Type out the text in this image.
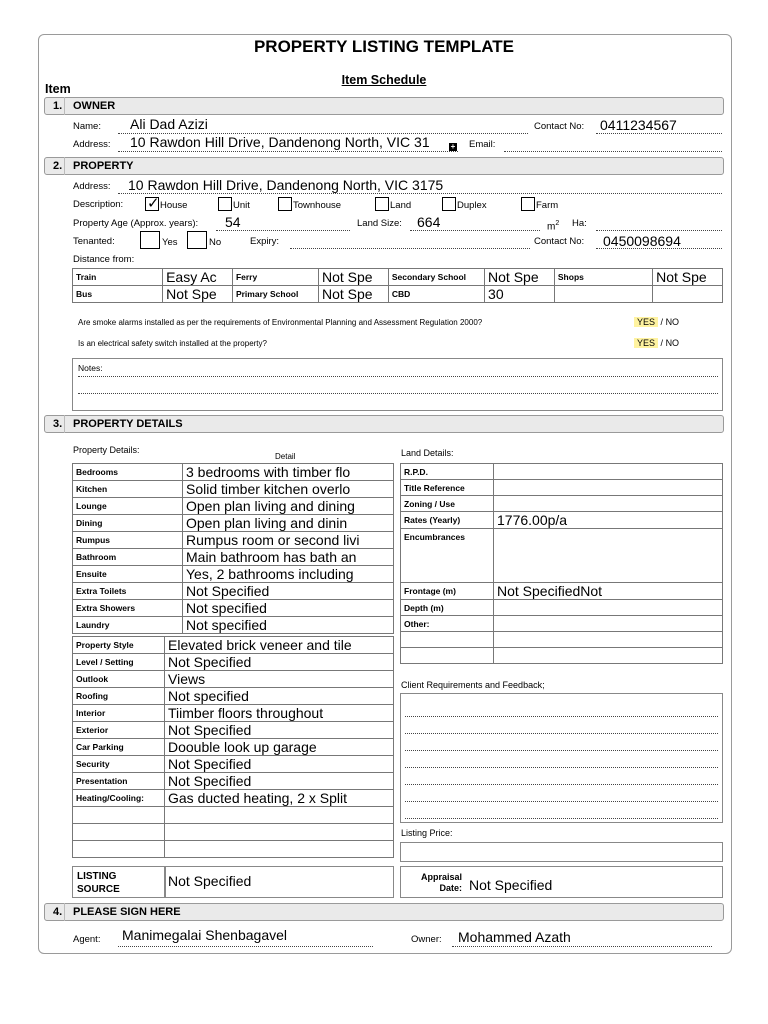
PROPERTY LISTING TEMPLATE
Item Schedule
Item
1. OWNER
Name: Ali Dad Azizi	Contact No: 0411234567
Address: 10 Rawdon Hill Drive, Dandenong North, VIC 31	+ Email:
2. PROPERTY
Address: 10 Rawdon Hill Drive, Dandenong North, VIC 3175
Description: ✓ House	Unit	Townhouse	Land	Duplex	Farm
Property Age (Approx. years): 54	Land Size: 664	$m^2$ Ha:
Tenanted:	Yes	No	Expiry:	Contact No: 0450098694
Distance from:
Train	Easy Ac	Ferry	Not Spe	Secondary School	Not Spe	Shops	Not Spe
Bus	Not Spe	Primary School	Not Spe	CBD	30		
Are smoke alarms installed as per the requirements of Environmental Planning and Assessment Regulation 2000?	YES / NO
Is an electrical safety switch installed at the property?	YES / NO
Notes:
3. PROPERTY DETAILS
Property Details:
Detail	Land Details:
Bedrooms	3 bedrooms with timber flo
Kitchen	Solid timber kitchen overlo
Lounge	Open plan living and dining
Dining	Open plan living and dinin
Rumpus	Rumpus room or second livi
Bathroom	Main bathroom has bath an
Ensuite	Yes, 2 bathrooms including
Extra Toilets	Not Specified
Extra Showers	Not specified
Laundry	Not specified
Property Style	Elevated brick veneer and tile
Level / Setting	Not Specified
Outlook	Views
Roofing	Not specified
Interior	Tiimber floors throughout
Exterior	Not Specified
Car Parking	Doouble look up garage
Security	Not Specified
Presentation	Not Specified
Heating/Cooling:	Gas ducted heating, 2 x Split

R.P.D.	
Title Reference	
Zoning / Use	
Rates (Yearly)	1776.00p/a
Encumbrances	
Frontage (m)	Not SpecifiedNot
Depth (m)	
Other:	

Client Requirements and Feedback;
Listing Price:
LISTING
SOURCE
Not Specified	Appraisal
Date: Not Specified
4. PLEASE SIGN HERE
Agent: Manimegalai Shenbagavel	Owner: Mohammed Azath
